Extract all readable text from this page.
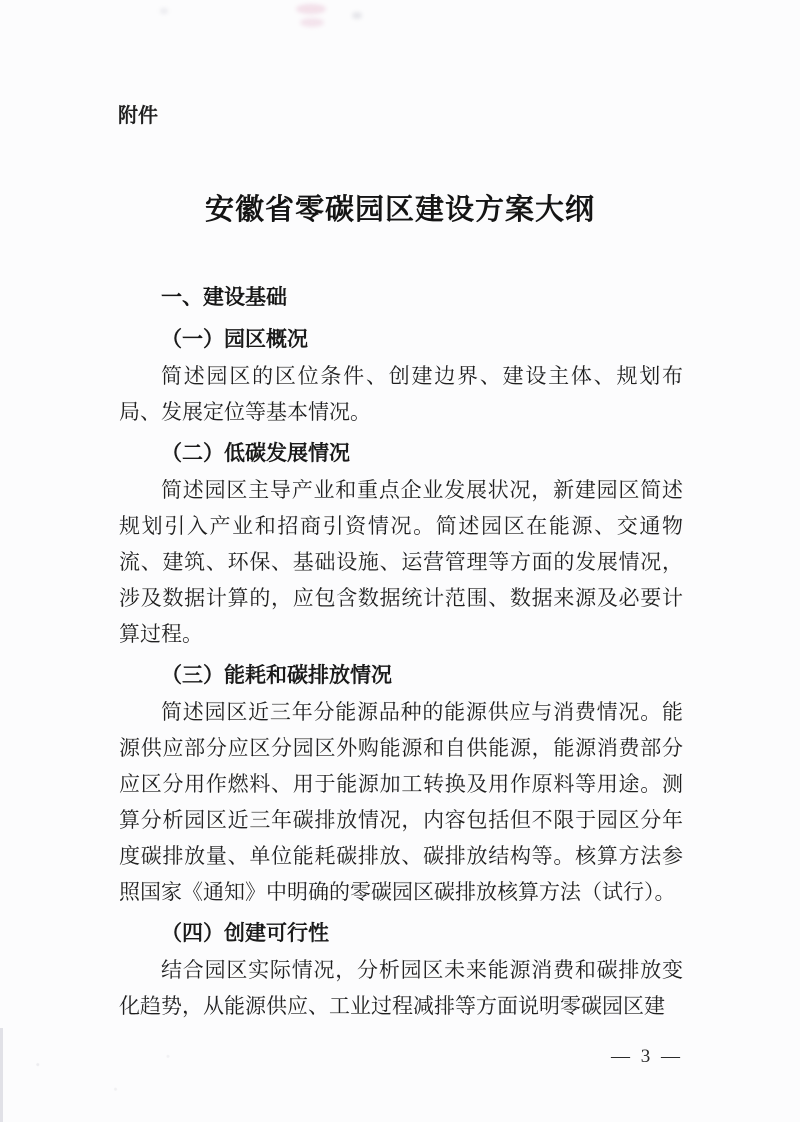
附件
安徽省零碳园区建设方案大纲
一、建设基础
（一）园区概况

简述园区的区位条件、创建边界、建设主体、规划布局、发展定位等基本情况。

（二）低碳发展情况

简述园区主导产业和重点企业发展状况，新建园区简述规划引入产业和招商引资情况。简述园区在能源、交通物流、建筑、环保、基础设施、运营管理等方面的发展情况，涉及数据计算的，应包含数据统计范围、数据来源及必要计算过程。

（三）能耗和碳排放情况

简述园区近三年分能源品种的能源供应与消费情况。能源供应部分应区分园区外购能源和自供能源，能源消费部分应区分用作燃料、用于能源加工转换及用作原料等用途。测算分析园区近三年碳排放情况，内容包括但不限于园区分年度碳排放量、单位能耗碳排放、碳排放结构等。核算方法参照国家《通知》中明确的零碳园区碳排放核算方法（试行）。

（四）创建可行性

结合园区实际情况，分析园区未来能源消费和碳排放变化趋势，从能源供应、工业过程减排等方面说明零碳园区建

— 3 —
